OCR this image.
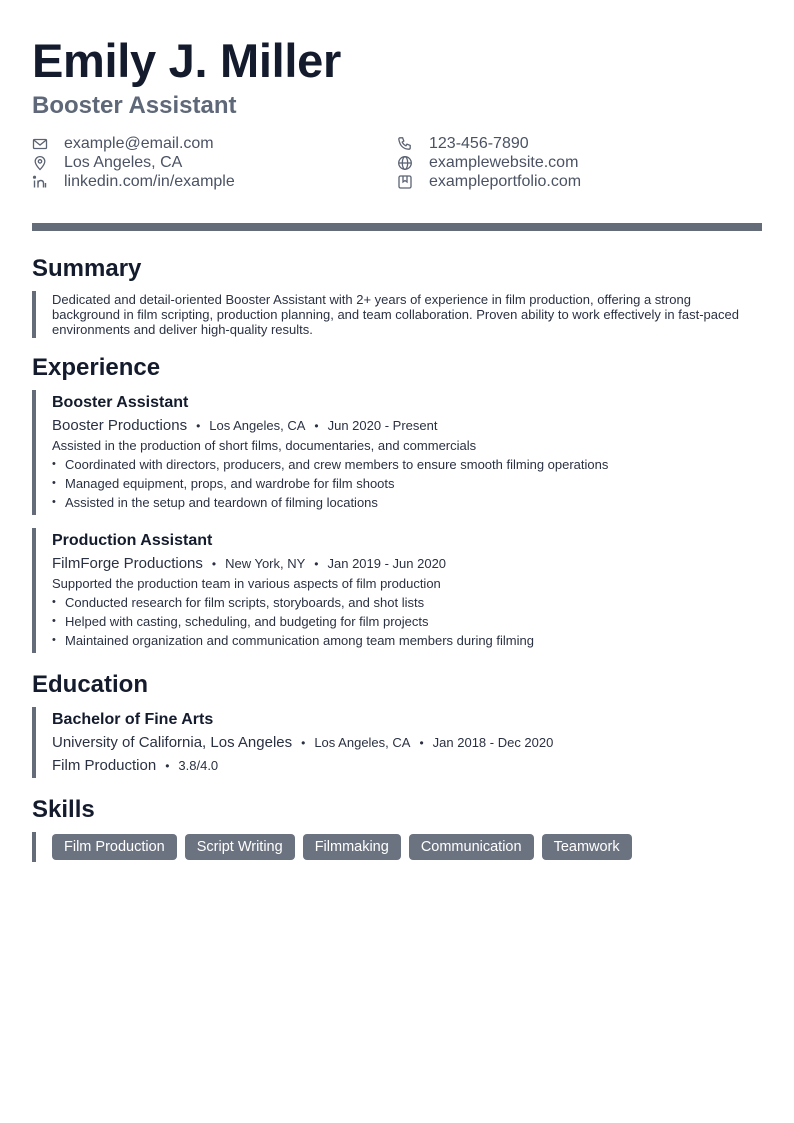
Emily J. Miller
Booster Assistant
example@email.com	123-456-7890
Los Angeles, CA	examplewebsite.com
linkedin.com/in/example	exampleportfolio.com
Summary
Dedicated and detail-oriented Booster Assistant with 2+ years of experience in film production, offering a strong background in film scripting, production planning, and team collaboration. Proven ability to work effectively in fast-paced environments and deliver high-quality results.
Experience
Booster Assistant
Booster Productions • Los Angeles, CA • Jun 2020 - Present
Assisted in the production of short films, documentaries, and commercials
• Coordinated with directors, producers, and crew members to ensure smooth filming operations
• Managed equipment, props, and wardrobe for film shoots
• Assisted in the setup and teardown of filming locations
Production Assistant
FilmForge Productions • New York, NY • Jan 2019 - Jun 2020
Supported the production team in various aspects of film production
• Conducted research for film scripts, storyboards, and shot lists
• Helped with casting, scheduling, and budgeting for film projects
• Maintained organization and communication among team members during filming
Education
Bachelor of Fine Arts
University of California, Los Angeles • Los Angeles, CA • Jan 2018 - Dec 2020
Film Production • 3.8/4.0
Skills
Film Production	Script Writing	Filmmaking	Communication	Teamwork
